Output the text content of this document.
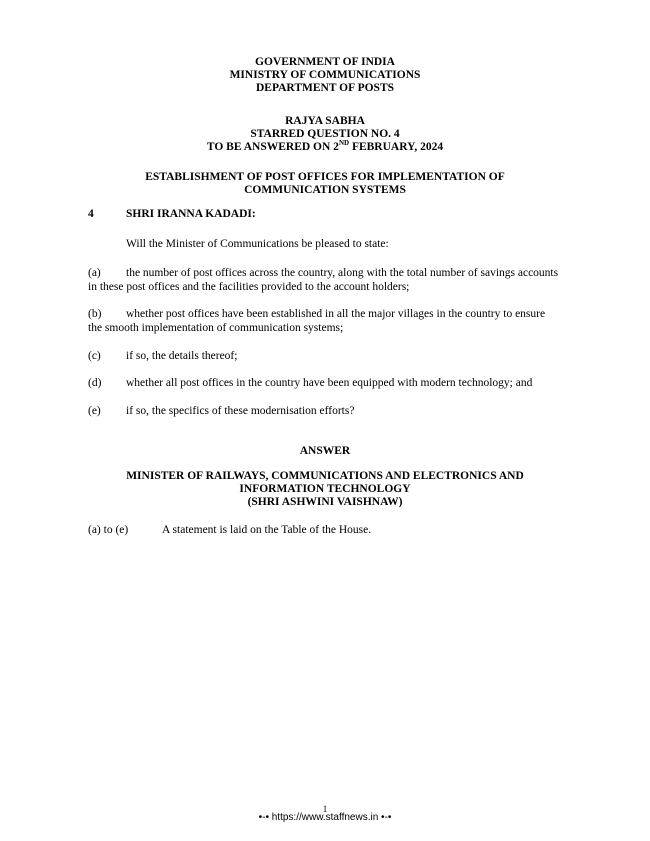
GOVERNMENT OF INDIA
MINISTRY OF COMMUNICATIONS
DEPARTMENT OF POSTS
RAJYA SABHA
STARRED QUESTION NO. 4
TO BE ANSWERED ON 2ND FEBRUARY, 2024
ESTABLISHMENT OF POST OFFICES FOR IMPLEMENTATION OF
COMMUNICATION SYSTEMS
4	SHRI IRANNA KADADI:
Will the Minister of Communications be pleased to state:
(a) the number of post offices across the country, along with the total number of savings accounts
in these post offices and the facilities provided to the account holders;
(b) whether post offices have been established in all the major villages in the country to ensure
the smooth implementation of communication systems;
(c) if so, the details thereof;
(d) whether all post offices in the country have been equipped with modern technology; and
(e) if so, the specifics of these modernisation efforts?
ANSWER
MINISTER OF RAILWAYS, COMMUNICATIONS AND ELECTRONICS AND
INFORMATION TECHNOLOGY
(SHRI ASHWINI VAISHNAW)
(a) to (e)	A statement is laid on the Table of the House.
1
•-• https://www.staffnews.in •-•
